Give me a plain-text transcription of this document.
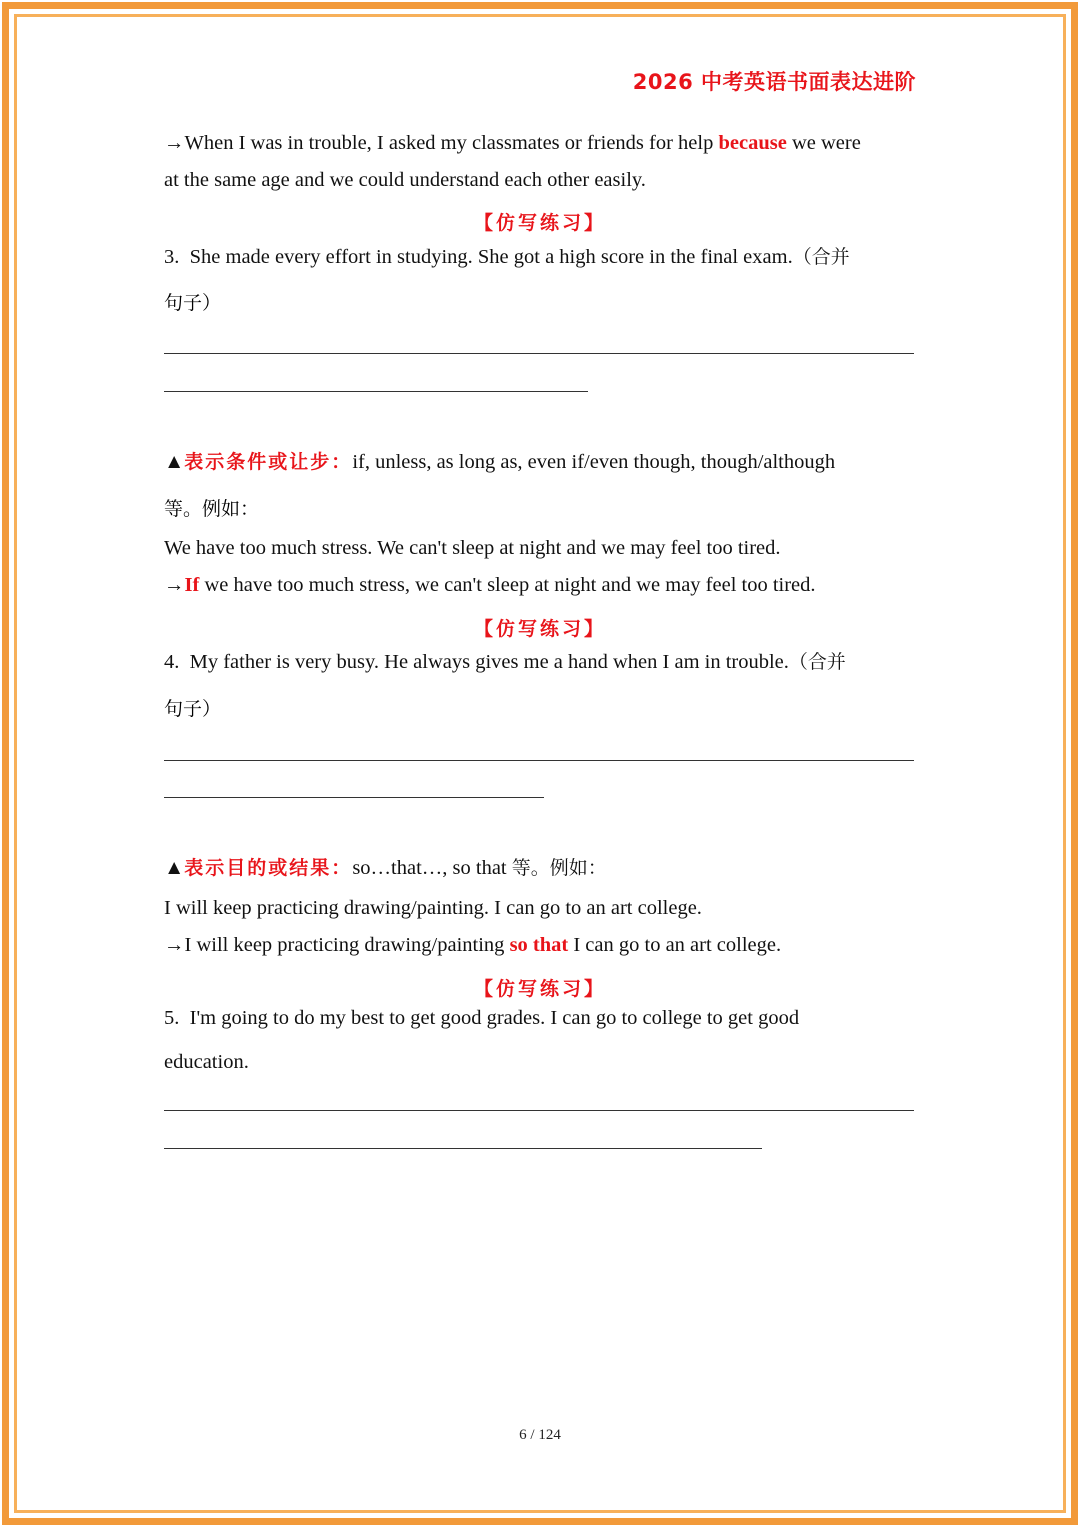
2026 中考英语书面表达进阶
→When I was in trouble, I asked my classmates or friends for help because we were
at the same age and we could understand each other easily.
【仿写练习】
3. She made every effort in studying. She got a high score in the final exam.（合并
句子）
▲表示条件或让步：if, unless, as long as, even if/even though, though/although
等。例如：
We have too much stress. We can't sleep at night and we may feel too tired.
→If we have too much stress, we can't sleep at night and we may feel too tired.
【仿写练习】
4. My father is very busy. He always gives me a hand when I am in trouble.（合并
句子）
▲表示目的或结果：so…that…, so that 等。例如：
I will keep practicing drawing/painting. I can go to an art college.
→I will keep practicing drawing/painting so that I can go to an art college.
【仿写练习】
5. I'm going to do my best to get good grades. I can go to college to get good
education.
6 / 124
